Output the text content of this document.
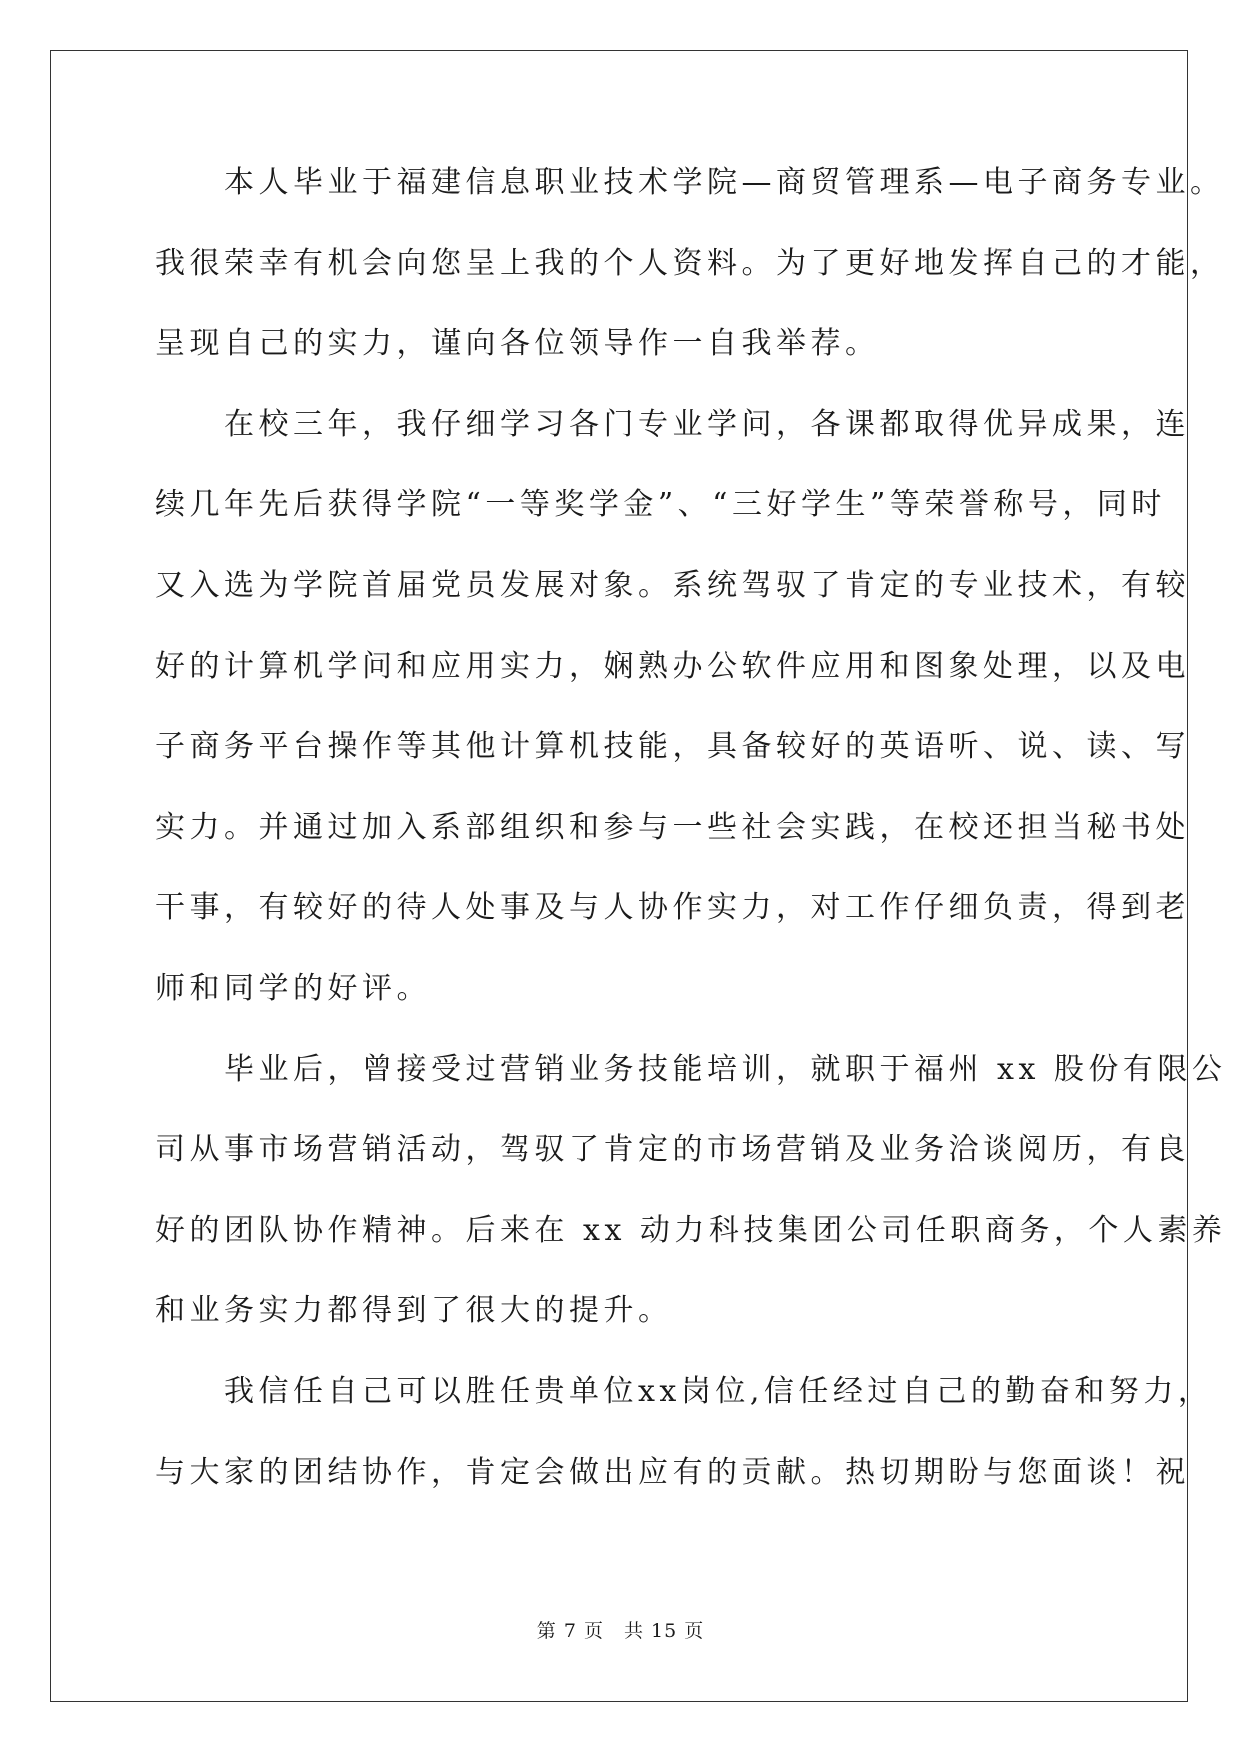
　　本人毕业于福建信息职业技术学院—商贸管理系—电子商务专业。
我很荣幸有机会向您呈上我的个人资料。为了更好地发挥自己的才能，
呈现自己的实力，谨向各位领导作一自我举荐。
　　在校三年，我仔细学习各门专业学问，各课都取得优异成果，连
续几年先后获得学院“一等奖学金”、“三好学生”等荣誉称号，同时
又入选为学院首届党员发展对象。系统驾驭了肯定的专业技术，有较
好的计算机学问和应用实力，娴熟办公软件应用和图象处理，以及电
子商务平台操作等其他计算机技能，具备较好的英语听、说、读、写
实力。并通过加入系部组织和参与一些社会实践，在校还担当秘书处
干事，有较好的待人处事及与人协作实力，对工作仔细负责，得到老
师和同学的好评。
　　毕业后，曾接受过营销业务技能培训，就职于福州 xx 股份有限公
司从事市场营销活动，驾驭了肯定的市场营销及业务洽谈阅历，有良
好的团队协作精神。后来在 xx 动力科技集团公司任职商务，个人素养
和业务实力都得到了很大的提升。
　　我信任自己可以胜任贵单位xx岗位,信任经过自己的勤奋和努力，
与大家的团结协作，肯定会做出应有的贡献。热切期盼与您面谈！祝
第 7 页　共 15 页
